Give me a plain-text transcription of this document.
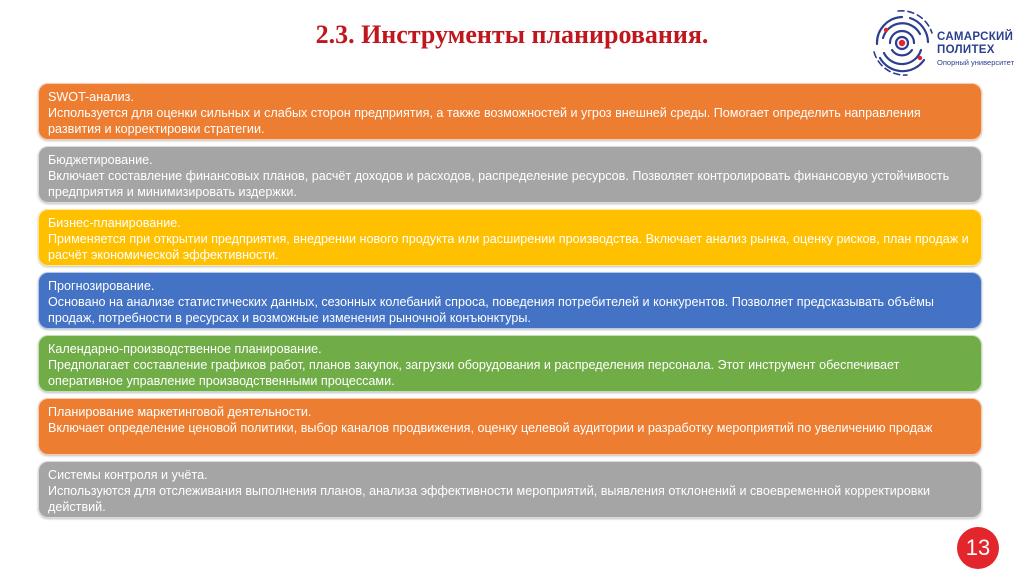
2.3. Инструменты планирования.	САМАРСКИЙ
ПОЛИТЕХ
Опорный университет
SWOT-анализ.
Используется для оценки сильных и слабых сторон предприятия, а также возможностей и угроз внешней среды. Помогает определить направления развития и корректировки стратегии.
Бюджетирование.
Включает составление финансовых планов, расчёт доходов и расходов, распределение ресурсов. Позволяет контролировать финансовую устойчивость предприятия и минимизировать издержки.
Бизнес-планирование.
Применяется при открытии предприятия, внедрении нового продукта или расширении производства. Включает анализ рынка, оценку рисков, план продаж и расчёт экономической эффективности.
Прогнозирование.
Основано на анализе статистических данных, сезонных колебаний спроса, поведения потребителей и конкурентов. Позволяет предсказывать объёмы продаж, потребности в ресурсах и возможные изменения рыночной конъюнктуры.
Календарно-производственное планирование.
Предполагает составление графиков работ, планов закупок, загрузки оборудования и распределения персонала. Этот инструмент обеспечивает оперативное управление производственными процессами.
Планирование маркетинговой деятельности.
Включает определение ценовой политики, выбор каналов продвижения, оценку целевой аудитории и разработку мероприятий по увеличению продаж
Системы контроля и учёта.
Используются для отслеживания выполнения планов, анализа эффективности мероприятий, выявления отклонений и своевременной корректировки действий.
13
